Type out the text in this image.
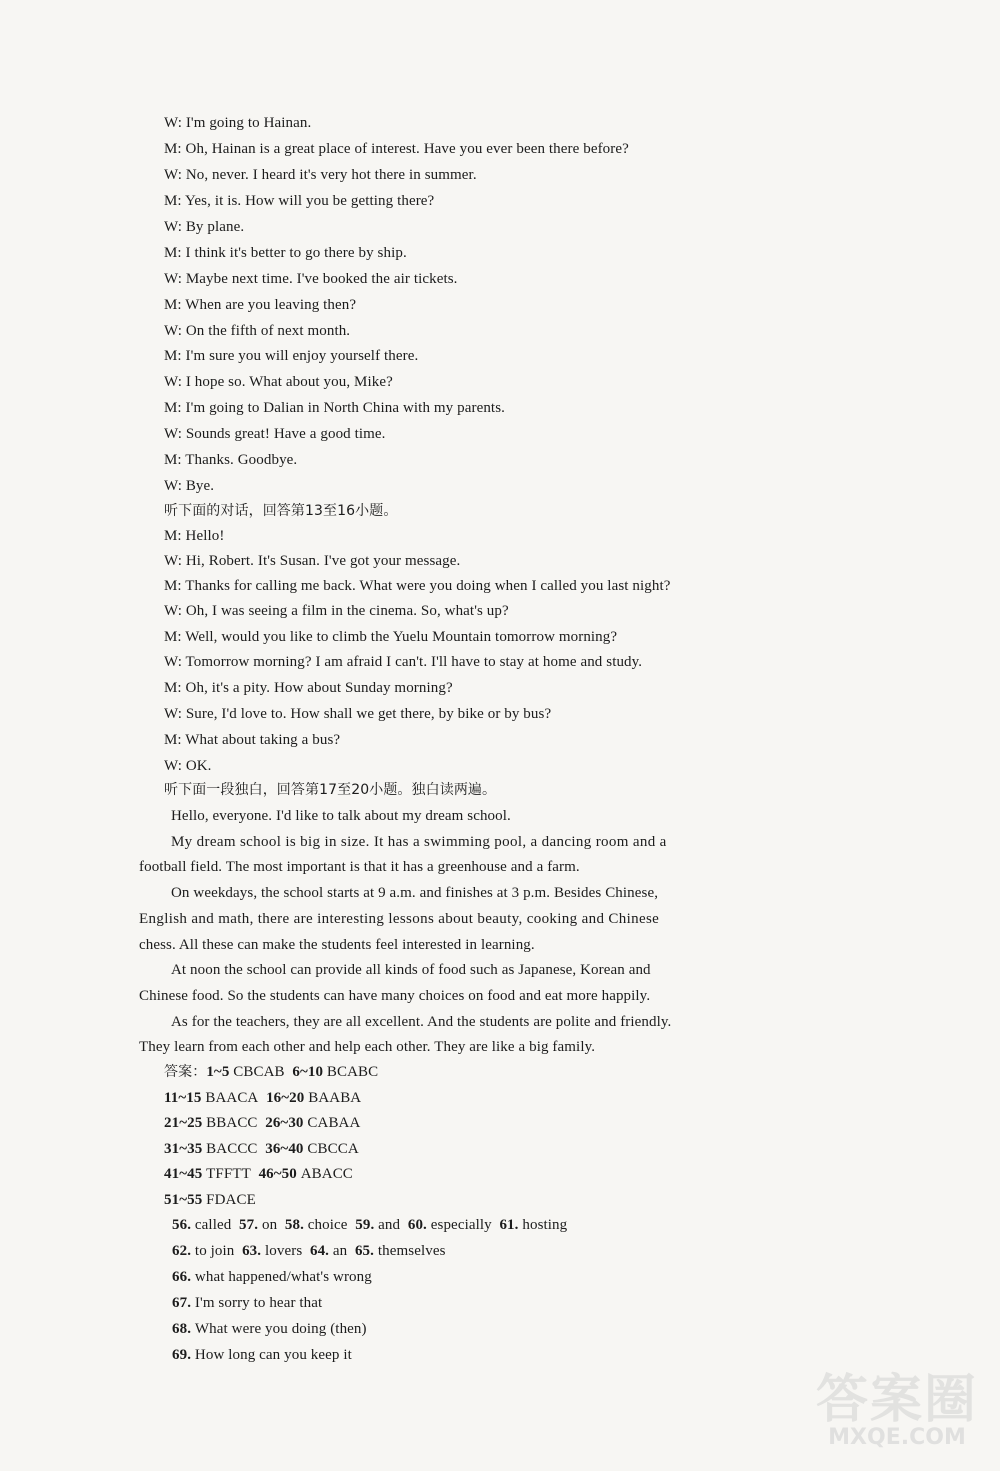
W: I'm going to Hainan.
M: Oh, Hainan is a great place of interest. Have you ever been there before?
W: No, never. I heard it's very hot there in summer.
M: Yes, it is. How will you be getting there?
W: By plane.
M: I think it's better to go there by ship.
W: Maybe next time. I've booked the air tickets.
M: When are you leaving then?
W: On the fifth of next month.
M: I'm sure you will enjoy yourself there.
W: I hope so. What about you, Mike?
M: I'm going to Dalian in North China with my parents.
W: Sounds great! Have a good time.
M: Thanks. Goodbye.
W: Bye.
听下面的对话，回答第13至16小题。
M: Hello!
W: Hi, Robert. It's Susan. I've got your message.
M: Thanks for calling me back. What were you doing when I called you last night?
W: Oh, I was seeing a film in the cinema. So, what's up?
M: Well, would you like to climb the Yuelu Mountain tomorrow morning?
W: Tomorrow morning? I am afraid I can't. I'll have to stay at home and study.
M: Oh, it's a pity. How about Sunday morning?
W: Sure, I'd love to. How shall we get there, by bike or by bus?
M: What about taking a bus?
W: OK.
听下面一段独白，回答第17至20小题。独白读两遍。
Hello, everyone. I'd like to talk about my dream school.
My dream school is big in size. It has a swimming pool, a dancing room and a
football field. The most important is that it has a greenhouse and a farm.
On weekdays, the school starts at 9 a.m. and finishes at 3 p.m. Besides Chinese,
English and math, there are interesting lessons about beauty, cooking and Chinese
chess. All these can make the students feel interested in learning.
At noon the school can provide all kinds of food such as Japanese, Korean and
Chinese food. So the students can have many choices on food and eat more happily.
As for the teachers, they are all excellent. And the students are polite and friendly.
They learn from each other and help each other. They are like a big family.
答案：1~5 CBCAB 6~10 BCABC
11~15 BAACA 16~20 BAABA
21~25 BBACC 26~30 CABAA
31~35 BACCC 36~40 CBCCA
41~45 TFFTT 46~50 ABACC
51~55 FDACE
56. called 57. on 58. choice 59. and 60. especially 61. hosting
62. to join 63. lovers 64. an 65. themselves
66. what happened/what's wrong
67. I'm sorry to hear that
68. What were you doing (then)
69. How long can you keep it
答案圈
MXQE.COM
